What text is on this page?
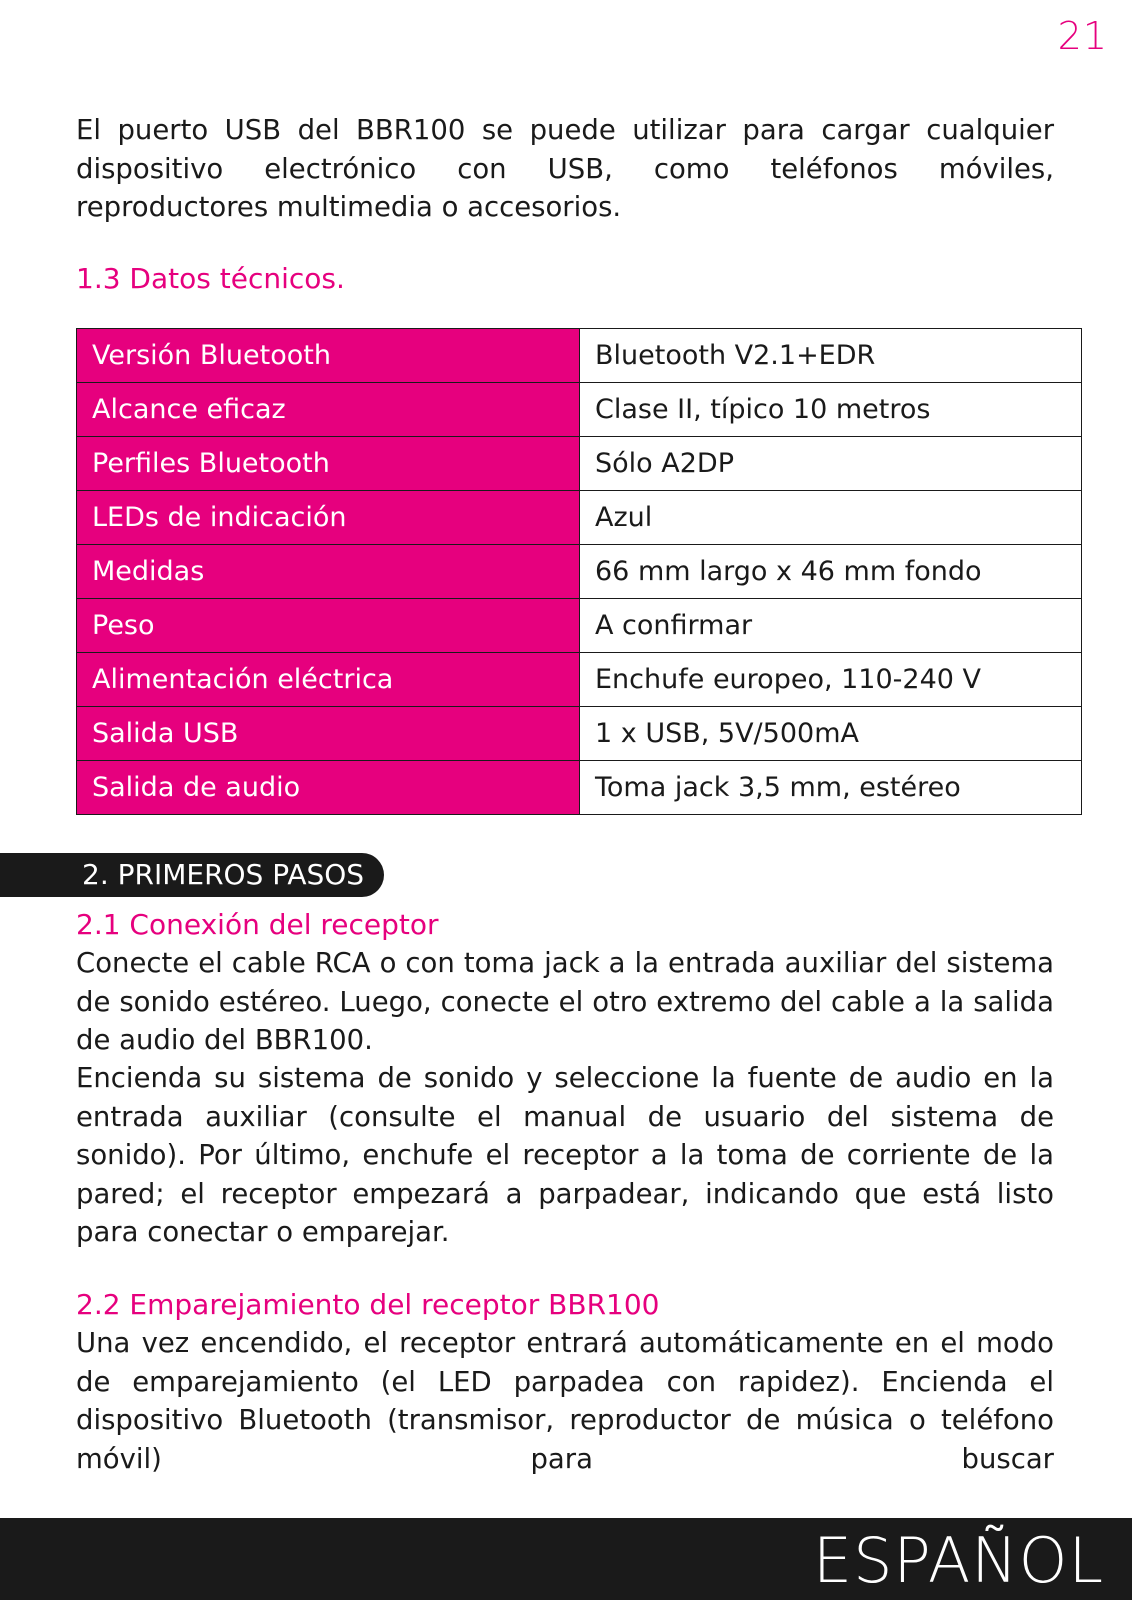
21

El puerto USB del BBR100 se puede utilizar para cargar cualquier dispositivo electrónico con USB, como teléfonos móviles, reproductores multimedia o accesorios.

1.3 Datos técnicos.
Versión Bluetooth	Bluetooth V2.1+EDR
Alcance eficaz	Clase II, típico 10 metros
Perfiles Bluetooth	Sólo A2DP
LEDs de indicación	Azul
Medidas	66 mm largo x 46 mm fondo
Peso	A confirmar
Alimentación eléctrica	Enchufe europeo, 110-240 V
Salida USB	1 x USB, 5V/500mA
Salida de audio	Toma jack 3,5 mm, estéreo
2. PRIMEROS PASOS
2.1 Conexión del receptor

Conecte el cable RCA o con toma jack a la entrada auxiliar del sistema de sonido estéreo. Luego, conecte el otro extremo del cable a la salida de audio del BBR100.

Encienda su sistema de sonido y seleccione la fuente de audio en la entrada auxiliar (consulte el manual de usuario del sistema de sonido). Por último, enchufe el receptor a la toma de corriente de la pared; el receptor empezará a parpadear, indicando que está listo para conectar o emparejar.

2.2 Emparejamiento del receptor BBR100

Una vez encendido, el receptor entrará automáticamente en el modo de emparejamiento (el LED parpadea con rapidez). Encienda el dispositivo Bluetooth (transmisor, reproductor de música o teléfono móvil) para buscar

ESPAÑOL
